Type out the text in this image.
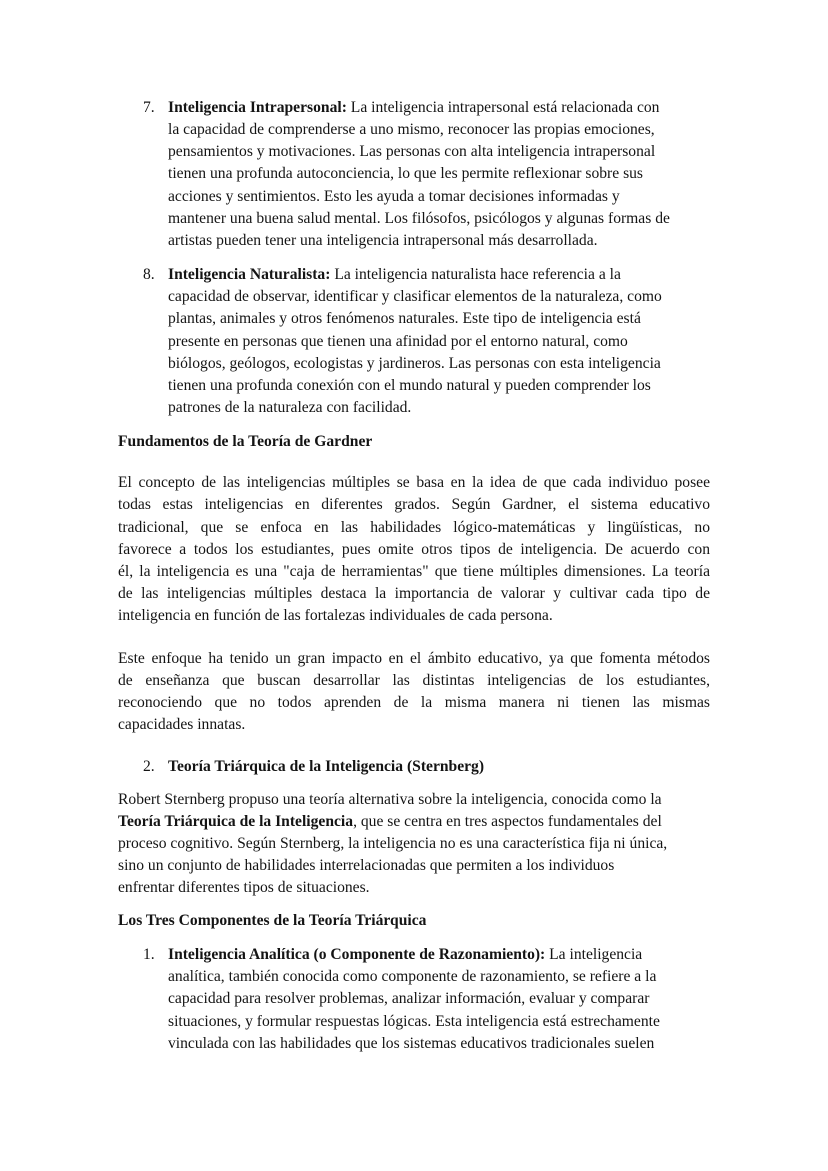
7. Inteligencia Intrapersonal: La inteligencia intrapersonal está relacionada con
la capacidad de comprenderse a uno mismo, reconocer las propias emociones,
pensamientos y motivaciones. Las personas con alta inteligencia intrapersonal
tienen una profunda autoconciencia, lo que les permite reflexionar sobre sus
acciones y sentimientos. Esto les ayuda a tomar decisiones informadas y
mantener una buena salud mental. Los filósofos, psicólogos y algunas formas de
artistas pueden tener una inteligencia intrapersonal más desarrollada.
8. Inteligencia Naturalista: La inteligencia naturalista hace referencia a la
capacidad de observar, identificar y clasificar elementos de la naturaleza, como
plantas, animales y otros fenómenos naturales. Este tipo de inteligencia está
presente en personas que tienen una afinidad por el entorno natural, como
biólogos, geólogos, ecologistas y jardineros. Las personas con esta inteligencia
tienen una profunda conexión con el mundo natural y pueden comprender los
patrones de la naturaleza con facilidad.
Fundamentos de la Teoría de Gardner
El concepto de las inteligencias múltiples se basa en la idea de que cada individuo posee
todas estas inteligencias en diferentes grados. Según Gardner, el sistema educativo
tradicional, que se enfoca en las habilidades lógico-matemáticas y lingüísticas, no
favorece a todos los estudiantes, pues omite otros tipos de inteligencia. De acuerdo con
él, la inteligencia es una "caja de herramientas" que tiene múltiples dimensiones. La teoría
de las inteligencias múltiples destaca la importancia de valorar y cultivar cada tipo de
inteligencia en función de las fortalezas individuales de cada persona.
Este enfoque ha tenido un gran impacto en el ámbito educativo, ya que fomenta métodos
de enseñanza que buscan desarrollar las distintas inteligencias de los estudiantes,
reconociendo que no todos aprenden de la misma manera ni tienen las mismas
capacidades innatas.
2. Teoría Triárquica de la Inteligencia (Sternberg)
Robert Sternberg propuso una teoría alternativa sobre la inteligencia, conocida como la
Teoría Triárquica de la Inteligencia, que se centra en tres aspectos fundamentales del
proceso cognitivo. Según Sternberg, la inteligencia no es una característica fija ni única,
sino un conjunto de habilidades interrelacionadas que permiten a los individuos
enfrentar diferentes tipos de situaciones.
Los Tres Componentes de la Teoría Triárquica
1. Inteligencia Analítica (o Componente de Razonamiento): La inteligencia
analítica, también conocida como componente de razonamiento, se refiere a la
capacidad para resolver problemas, analizar información, evaluar y comparar
situaciones, y formular respuestas lógicas. Esta inteligencia está estrechamente
vinculada con las habilidades que los sistemas educativos tradicionales suelen
